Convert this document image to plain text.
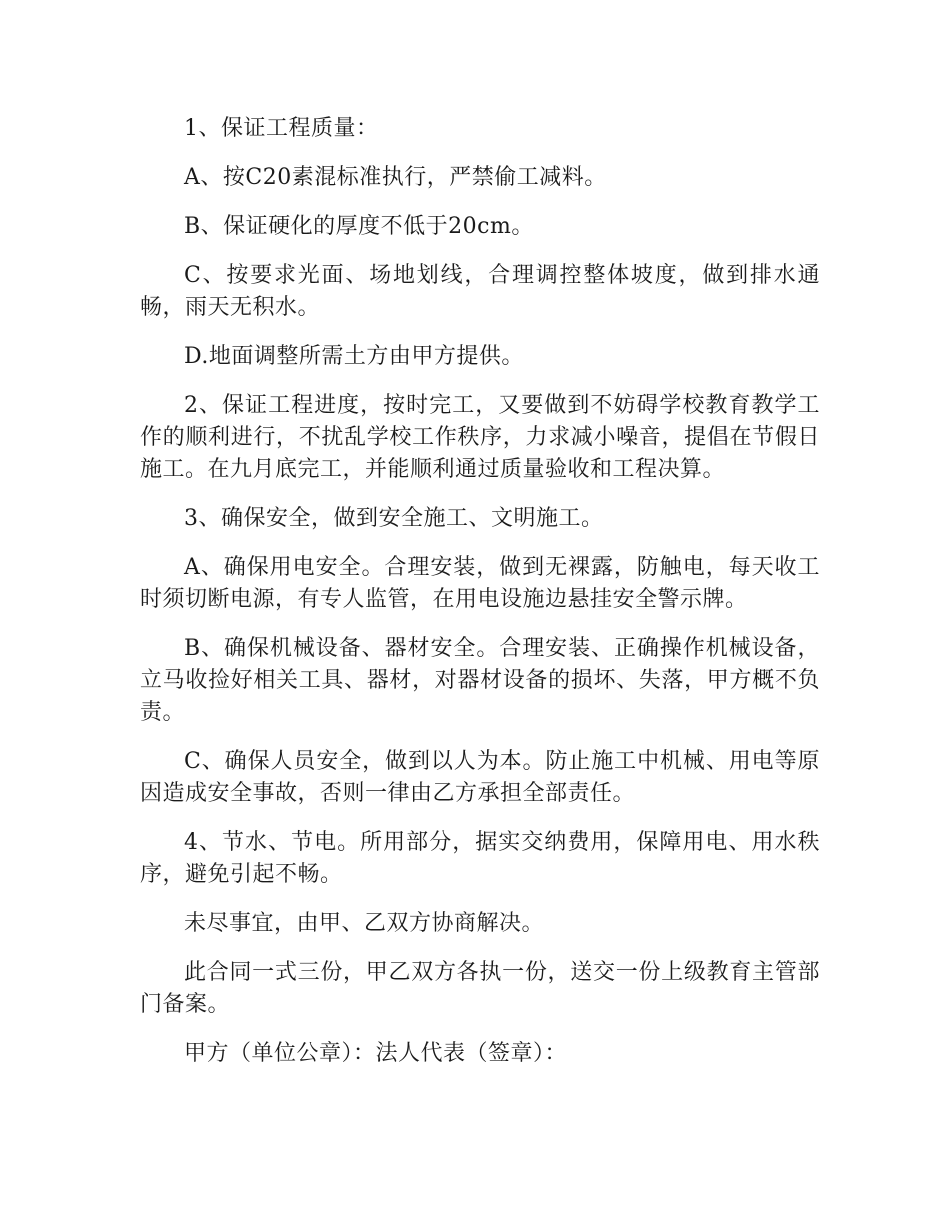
1、保证工程质量：

A、按C20素混标准执行，严禁偷工减料。

B、保证硬化的厚度不低于20cm。

C、按要求光面、场地划线，合理调控整体坡度，做到排水通畅，雨天无积水。

D.地面调整所需土方由甲方提供。

2、保证工程进度，按时完工，又要做到不妨碍学校教育教学工作的顺利进行，不扰乱学校工作秩序，力求减小噪音，提倡在节假日施工。在九月底完工，并能顺利通过质量验收和工程决算。

3、确保安全，做到安全施工、文明施工。

A、确保用电安全。合理安装，做到无裸露，防触电，每天收工时须切断电源，有专人监管，在用电设施边悬挂安全警示牌。

B、确保机械设备、器材安全。合理安装、正确操作机械设备，立马收捡好相关工具、器材，对器材设备的损坏、失落，甲方概不负责。

C、确保人员安全，做到以人为本。防止施工中机械、用电等原因造成安全事故，否则一律由乙方承担全部责任。

4、节水、节电。所用部分，据实交纳费用，保障用电、用水秩序，避免引起不畅。

未尽事宜，由甲、乙双方协商解决。

此合同一式三份，甲乙双方各执一份，送交一份上级教育主管部门备案。

甲方（单位公章）：法人代表（签章）：
